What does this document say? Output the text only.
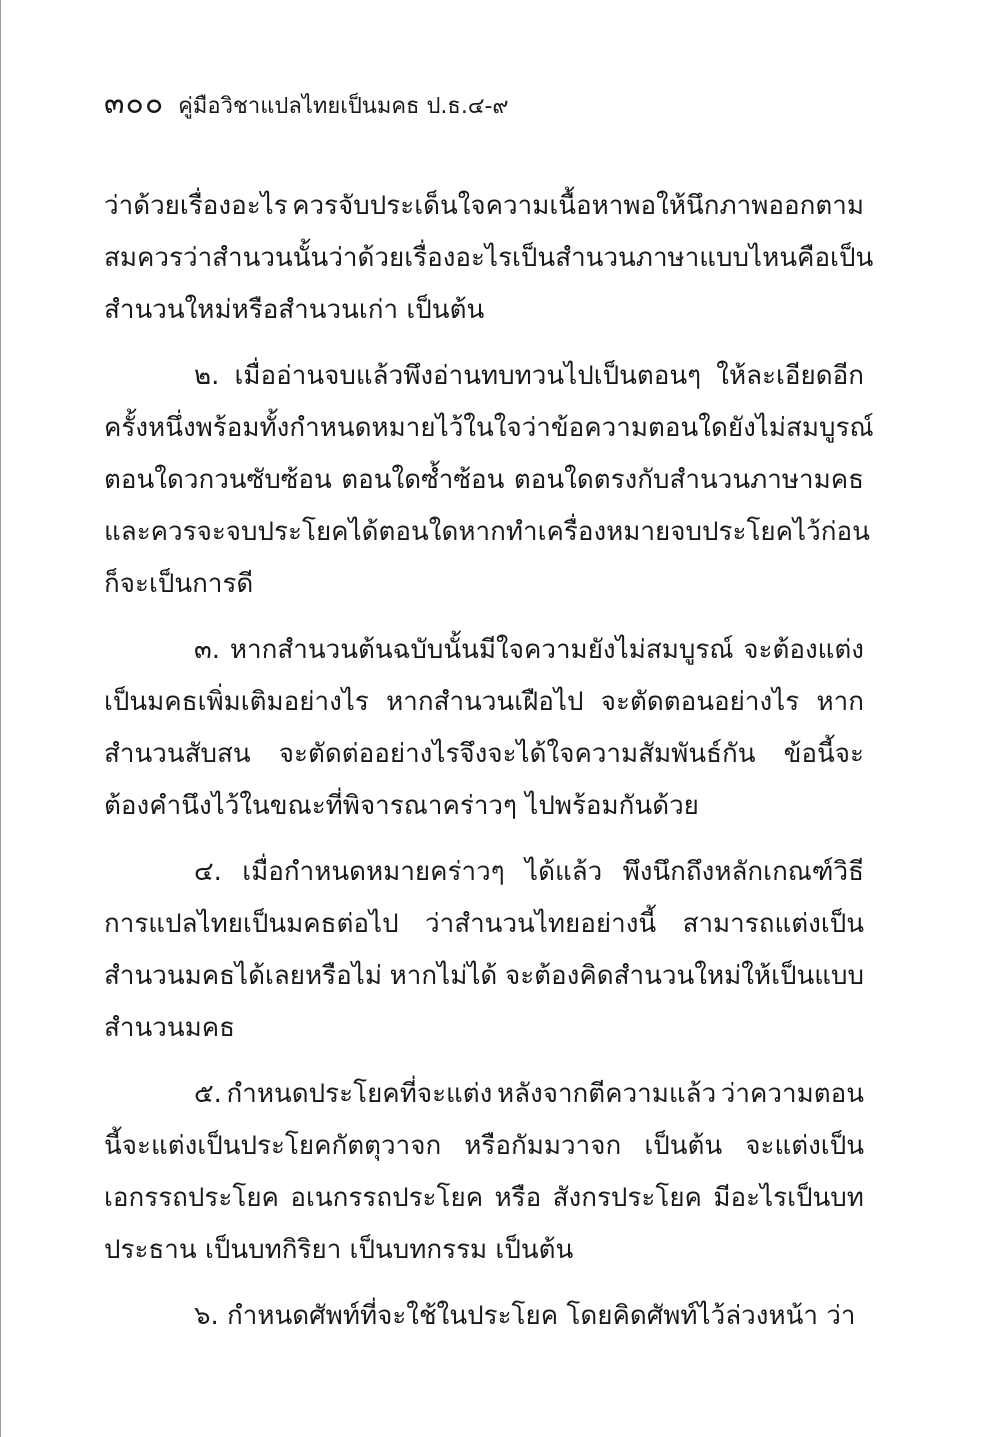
๓๐๐ คู่มือวิชาแปลไทยเป็นมคธ ป.ธ.๔-๙
ว่าด้วยเรื่องอะไร ควรจับประเด็นใจความเนื้อหาพอให้นึกภาพออกตาม
สมควรว่าสำนวนนั้นว่าด้วยเรื่องอะไร เป็นสำนวนภาษาแบบไหน คือเป็น
สำนวนใหม่หรือสำนวนเก่า เป็นต้น
๒. เมื่ออ่านจบแล้วพึงอ่านทบทวนไปเป็นตอนๆ ให้ละเอียดอีก
ครั้งหนึ่ง พร้อมทั้งกำหนดหมายไว้ในใจว่าข้อความตอนใดยังไม่สมบูรณ์
ตอนใดวกวนซับซ้อน ตอนใดซ้ำซ้อน ตอนใดตรงกับสำนวนภาษามคธ
และควรจะจบประโยคได้ตอนใด หากทำเครื่องหมายจบประโยคไว้ก่อน
ก็จะเป็นการดี
๓. หากสำนวนต้นฉบับนั้นมีใจความยังไม่สมบูรณ์ จะต้องแต่ง
เป็นมคธเพิ่มเติมอย่างไร หากสำนวนเฝือไป จะตัดตอนอย่างไร หาก
สำนวนสับสน จะตัดต่ออย่างไรจึงจะได้ใจความสัมพันธ์กัน ข้อนี้จะ
ต้องคำนึงไว้ในขณะที่พิจารณาคร่าวๆ ไปพร้อมกันด้วย
๔. เมื่อกำหนดหมายคร่าวๆ ได้แล้ว พึงนึกถึงหลักเกณฑ์วิธี
การแปลไทยเป็นมคธต่อไป ว่าสำนวนไทยอย่างนี้ สามารถแต่งเป็น
สำนวนมคธได้เลยหรือไม่ หากไม่ได้ จะต้องคิดสำนวนใหม่ให้เป็นแบบ
สำนวนมคธ
๕. กำหนดประโยคที่จะแต่ง หลังจากตีความแล้ว ว่าความตอน
นี้จะแต่งเป็นประโยคกัตตุวาจก หรือกัมมวาจก เป็นต้น จะแต่งเป็น
เอกรรถประโยค อเนกรรถประโยค หรือ สังกรประโยค มีอะไรเป็นบท
ประธาน เป็นบทกิริยา เป็นบทกรรม เป็นต้น
๖. กำหนดศัพท์ที่จะใช้ในประโยค โดยคิดศัพท์ไว้ล่วงหน้า ว่า
